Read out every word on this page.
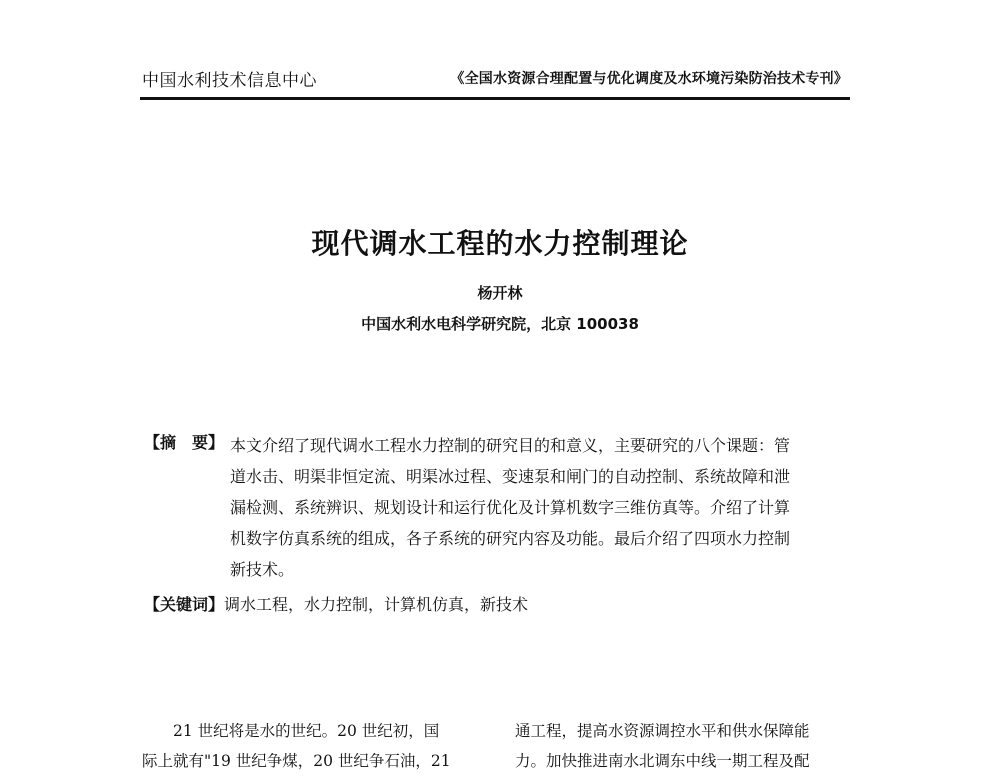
中国水利技术信息中心	《全国水资源合理配置与优化调度及水环境污染防治技术专刊》
现代调水工程的水力控制理论
杨开林
中国水利水电科学研究院，北京 100038
【摘　要】 本文介绍了现代调水工程水力控制的研究目的和意义，主要研究的八个课题：管
道水击、明渠非恒定流、明渠冰过程、变速泵和闸门的自动控制、系统故障和泄
漏检测、系统辨识、规划设计和运行优化及计算机数字三维仿真等。介绍了计算
机数字仿真系统的组成，各子系统的研究内容及功能。最后介绍了四项水力控制
新技术。
【关键词】调水工程，水力控制，计算机仿真，新技术
　　21 世纪将是水的世纪。20 世纪初，国
际上就有"19 世纪争煤，20 世纪争石油，21
通工程，提高水资源调控水平和供水保障能
力。加快推进南水北调东中线一期工程及配
